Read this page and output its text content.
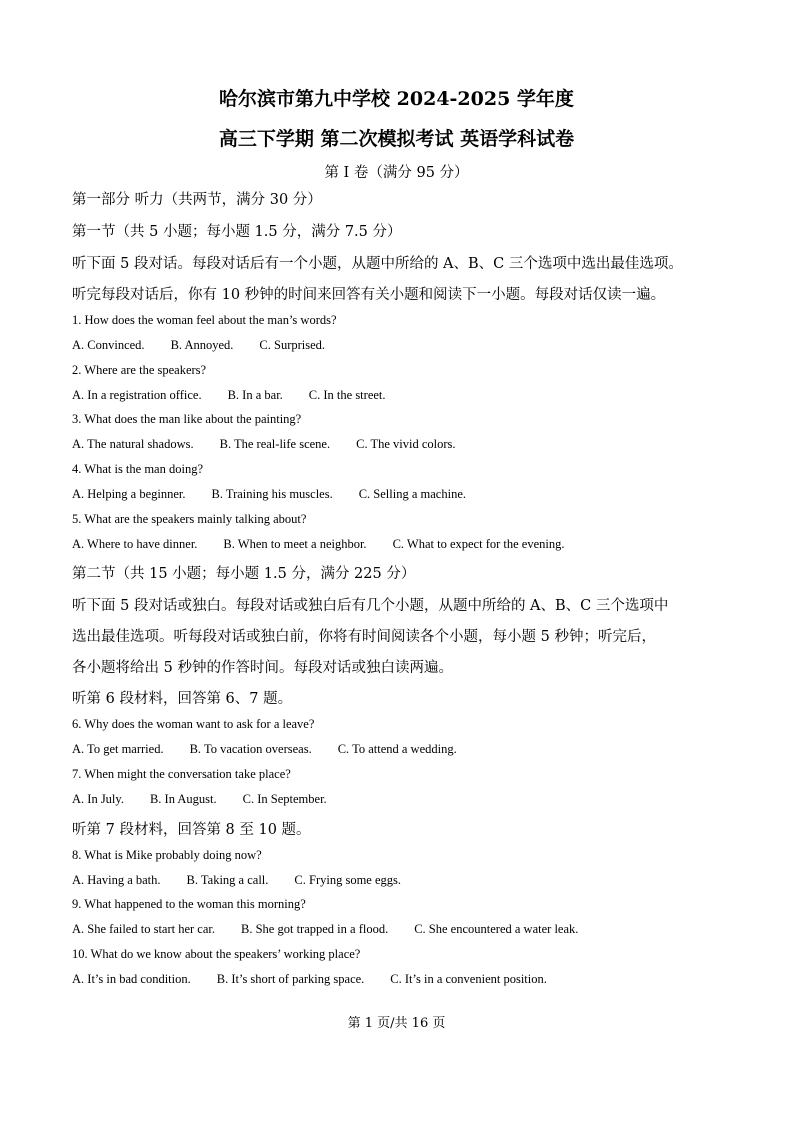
哈尔滨市第九中学校 2024-2025 学年度
高三下学期 第二次模拟考试 英语学科试卷
第 I 卷（满分 95 分）
第一部分 听力（共两节，满分 30 分）
第一节（共 5 小题；每小题 1.5 分，满分 7.5 分）
听下面 5 段对话。每段对话后有一个小题，从题中所给的 A、B、C 三个选项中选出最佳选项。
听完每段对话后，你有 10 秒钟的时间来回答有关小题和阅读下一小题。每段对话仅读一遍。
1. How does the woman feel about the man’s words?
A. Convinced. B. Annoyed. C. Surprised.
2. Where are the speakers?
A. In a registration office. B. In a bar. C. In the street.
3. What does the man like about the painting?
A. The natural shadows. B. The real-life scene. C. The vivid colors.
4. What is the man doing?
A. Helping a beginner. B. Training his muscles. C. Selling a machine.
5. What are the speakers mainly talking about?
A. Where to have dinner. B. When to meet a neighbor. C. What to expect for the evening.
第二节（共 15 小题；每小题 1.5 分，满分 225 分）
听下面 5 段对话或独白。每段对话或独白后有几个小题，从题中所给的 A、B、C 三个选项中
选出最佳选项。听每段对话或独白前，你将有时间阅读各个小题，每小题 5 秒钟；听完后，
各小题将给出 5 秒钟的作答时间。每段对话或独白读两遍。
听第 6 段材料，回答第 6、7 题。
6. Why does the woman want to ask for a leave?
A. To get married. B. To vacation overseas. C. To attend a wedding.
7. When might the conversation take place?
A. In July. B. In August. C. In September.
听第 7 段材料，回答第 8 至 10 题。
8. What is Mike probably doing now?
A. Having a bath. B. Taking a call. C. Frying some eggs.
9. What happened to the woman this morning?
A. She failed to start her car. B. She got trapped in a flood. C. She encountered a water leak.
10. What do we know about the speakers’ working place?
A. It’s in bad condition. B. It’s short of parking space. C. It’s in a convenient position.
第 1 页/共 16 页
